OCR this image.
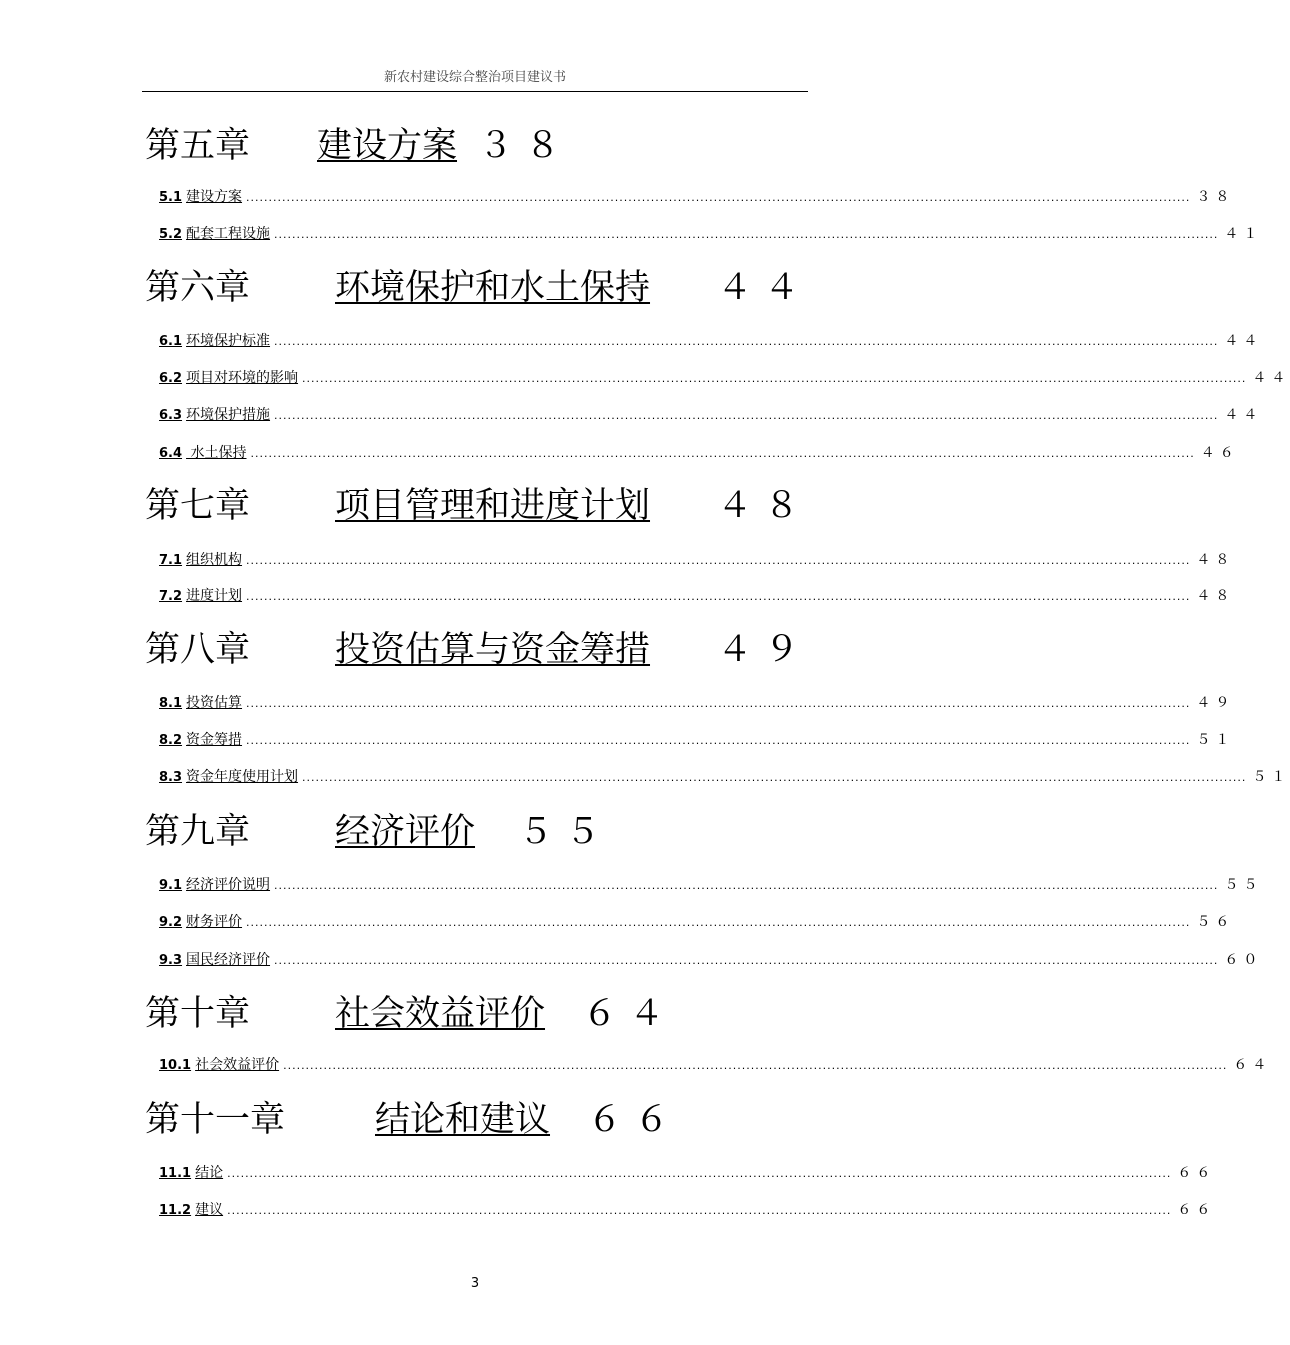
新农村建设综合整治项目建议书
第五章 建设方案 ３８
5.1 建设方案 .................................................................................................................................................................................................................. ３８
5.2 配套工程设施 .................................................................................................................................................................................................................. ４１
第六章 环境保护和水土保持 ４４
6.1 环境保护标准 .................................................................................................................................................................................................................. ４４
6.2 项目对环境的影响 .................................................................................................................................................................................................................. ４４
6.3 环境保护措施 .................................................................................................................................................................................................................. ４４
6.4 水土保持 .................................................................................................................................................................................................................. ４６
第七章 项目管理和进度计划 ４８
7.1 组织机构 .................................................................................................................................................................................................................. ４８
7.2 进度计划 .................................................................................................................................................................................................................. ４８
第八章 投资估算与资金筹措 ４９
8.1 投资估算 .................................................................................................................................................................................................................. ４９
8.2 资金筹措 .................................................................................................................................................................................................................. ５１
8.3 资金年度使用计划 .................................................................................................................................................................................................................. ５１
第九章 经济评价 ５５
9.1 经济评价说明 .................................................................................................................................................................................................................. ５５
9.2 财务评价 .................................................................................................................................................................................................................. ５６
9.3 国民经济评价 .................................................................................................................................................................................................................. ６０
第十章 社会效益评价 ６４
10.1 社会效益评价 .................................................................................................................................................................................................................. ６４
第十一章	结论和建议 ６６
11.1 结论 .................................................................................................................................................................................................................. ６６
11.2 建议 .................................................................................................................................................................................................................. ６６
3
